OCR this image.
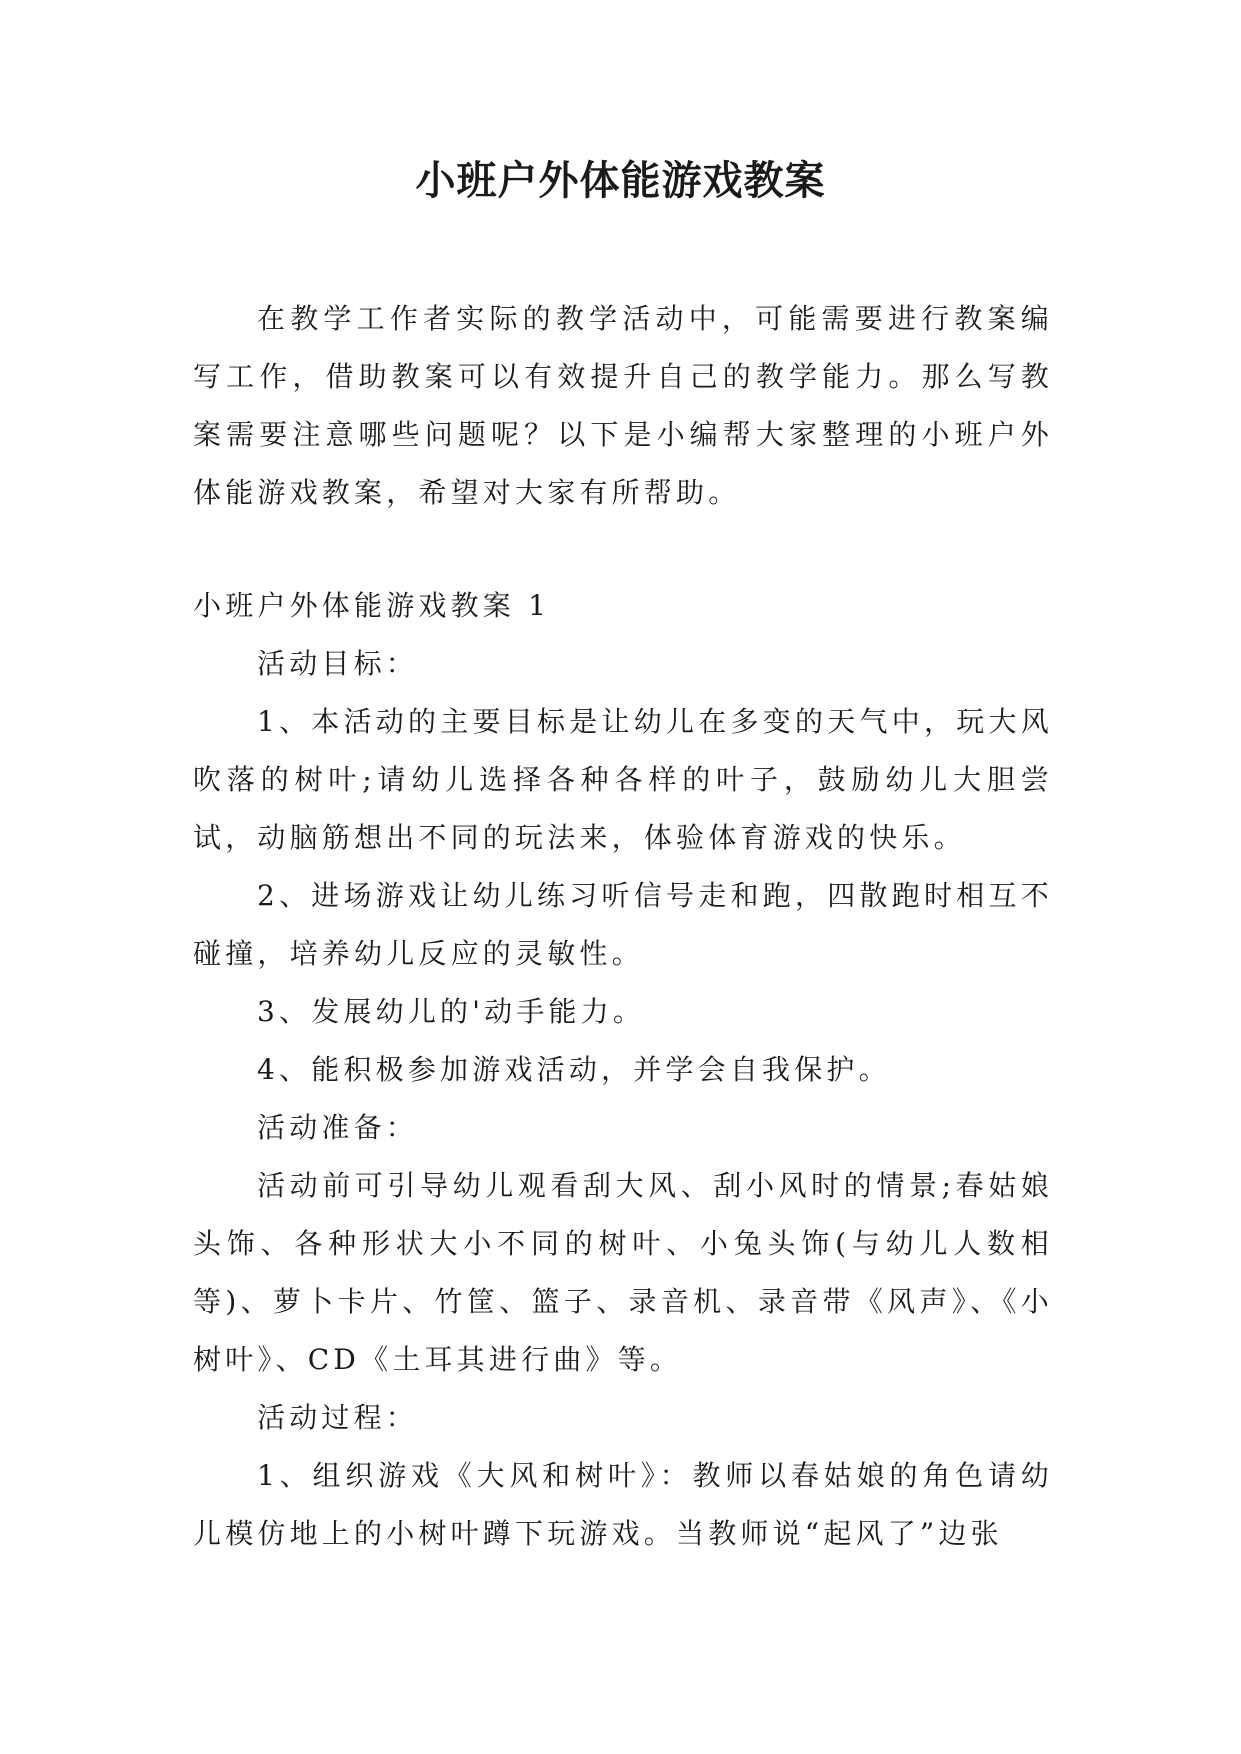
小班户外体能游戏教案

在教学工作者实际的教学活动中，可能需要进行教案编写工作，借助教案可以有效提升自己的教学能力。那么写教案需要注意哪些问题呢？以下是小编帮大家整理的小班户外体能游戏教案，希望对大家有所帮助。

小班户外体能游戏教案 1

活动目标：

1、本活动的主要目标是让幼儿在多变的天气中，玩大风吹落的树叶;请幼儿选择各种各样的叶子，鼓励幼儿大胆尝试，动脑筋想出不同的玩法来，体验体育游戏的快乐。

2、进场游戏让幼儿练习听信号走和跑，四散跑时相互不碰撞，培养幼儿反应的灵敏性。

3、发展幼儿的'动手能力。

4、能积极参加游戏活动，并学会自我保护。

活动准备：

活动前可引导幼儿观看刮大风、刮小风时的情景;春姑娘头饰、各种形状大小不同的树叶、小兔头饰(与幼儿人数相等)、萝卜卡片、竹筐、篮子、录音机、录音带《风声》、《小树叶》、CD《土耳其进行曲》等。

活动过程：

1、组织游戏《大风和树叶》：教师以春姑娘的角色请幼儿模仿地上的小树叶蹲下玩游戏。当教师说“起风了”边张
